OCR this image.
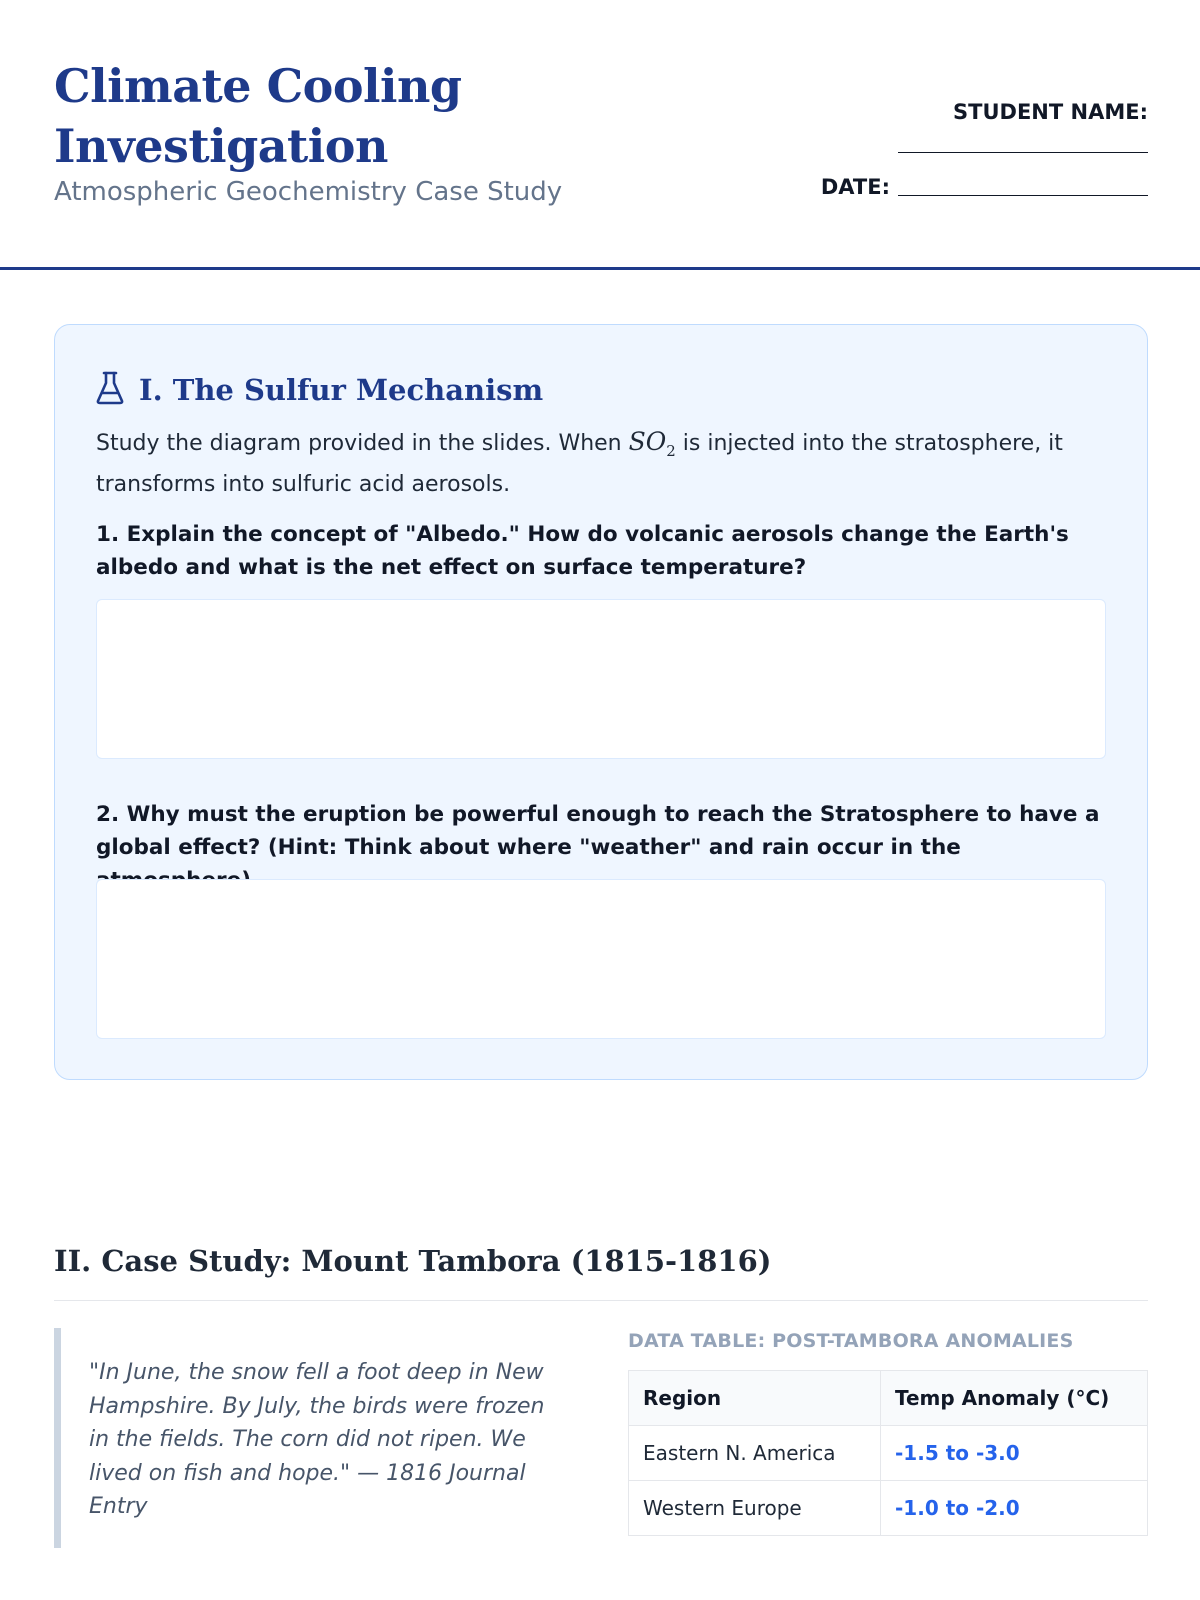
Climate Cooling Investigation
Atmospheric Geochemistry Case Study
STUDENT NAME:
DATE:
I. The Sulfur Mechanism

Study the diagram provided in the slides. When $SO_2$ is injected into the stratosphere, it transforms into sulfuric acid aerosols.

1. Explain the concept of "Albedo." How do volcanic aerosols change the Earth's albedo and what is the net effect on surface temperature?

2. Why must the eruption be powerful enough to reach the Stratosphere to have a global effect? (Hint: Think about where "weather" and rain occur in the

II. Case Study: Mount Tambora (1815-1816)
"In June, the snow fell a foot deep in New Hampshire. By July, the birds were frozen in the fields. The corn did not ripen. We lived on fish and hope." — 1816 Journal Entry
DATA TABLE: POST-TAMBORA ANOMALIES
Region	Temp Anomaly (°C)
Eastern N. America	-1.5 to -3.0
Western Europe	-1.0 to -2.0
